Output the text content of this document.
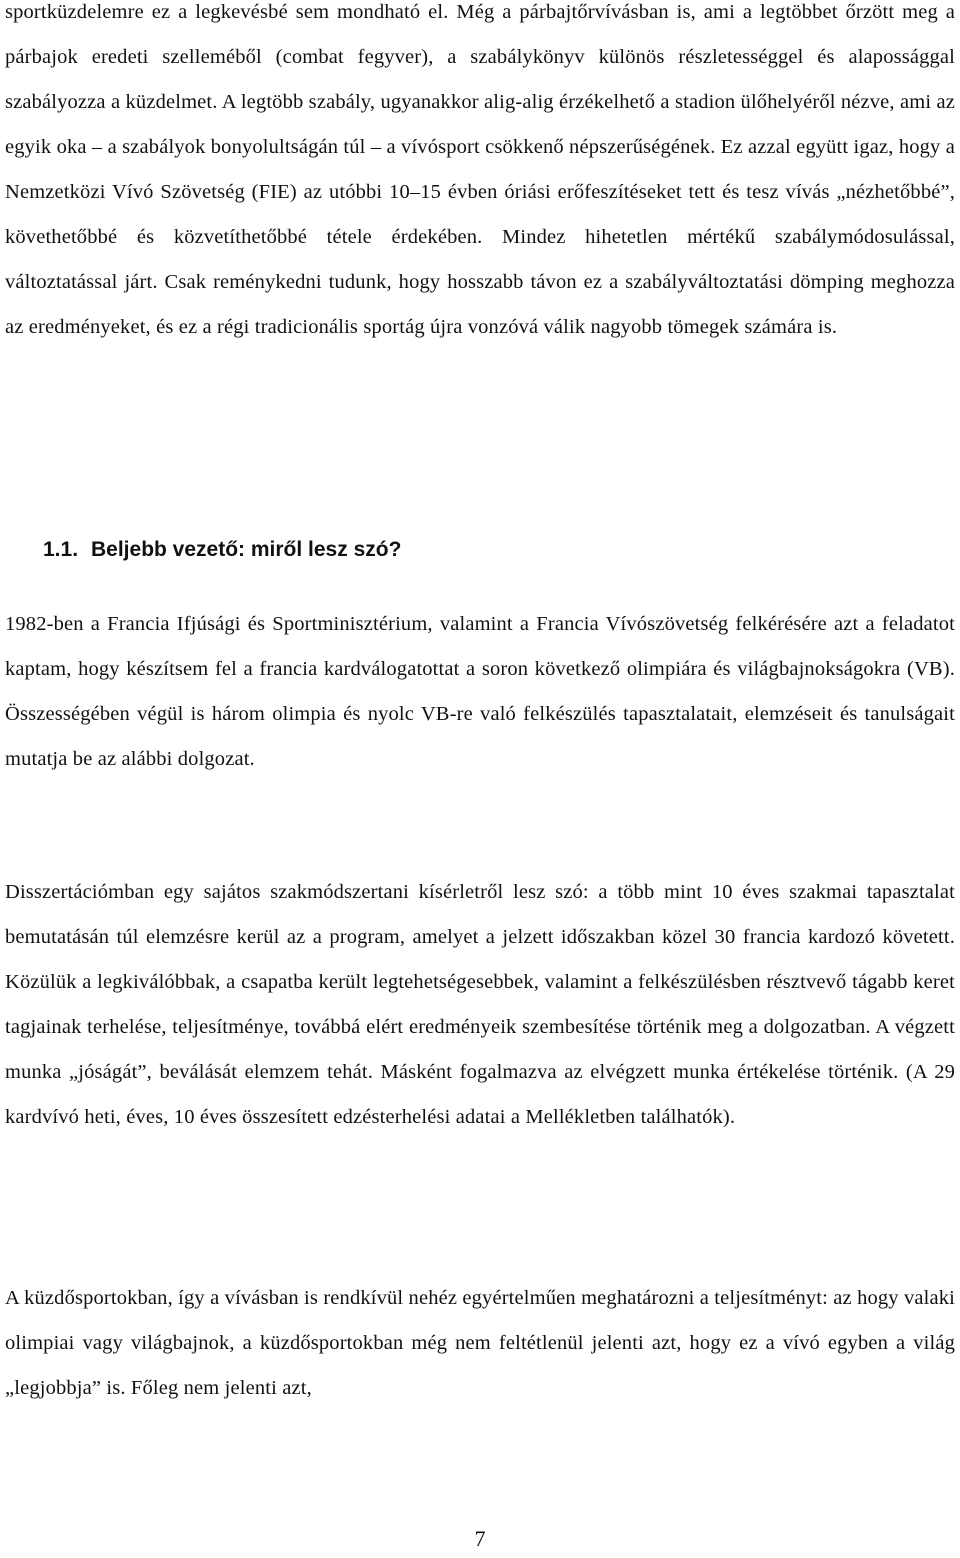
sportküzdelemre ez a legkevésbé sem mondható el. Még a párbajtőrvívásban is, ami a legtöbbet őrzött meg a párbajok eredeti szelleméből (combat fegyver), a szabálykönyv különös részletességgel és alapossággal szabályozza a küzdelmet. A legtöbb szabály, ugyanakkor alig-alig érzékelhető a stadion ülőhelyéről nézve, ami az egyik oka – a szabályok bonyolultságán túl – a vívósport csökkenő népszerűségének. Ez azzal együtt igaz, hogy a Nemzetközi Vívó Szövetség (FIE) az utóbbi 10–15 évben óriási erőfeszítéseket tett és tesz vívás „nézhetőbbé”, követhetőbbé és közvetíthetőbbé tétele érdekében. Mindez hihetetlen mértékű szabálymódosulással, változtatással járt. Csak reménykedni tudunk, hogy hosszabb távon ez a szabályváltoztatási dömping meghozza az eredményeket, és ez a régi tradicionális sportág újra vonzóvá válik nagyobb tömegek számára is.

1.1. Beljebb vezető: miről lesz szó?

1982-ben a Francia Ifjúsági és Sportminisztérium, valamint a Francia Vívószövetség felkérésére azt a feladatot kaptam, hogy készítsem fel a francia kardválogatottat a soron következő olimpiára és világbajnokságokra (VB). Összességében végül is három olimpia és nyolc VB-re való felkészülés tapasztalatait, elemzéseit és tanulságait mutatja be az alábbi dolgozat.

Disszertációmban egy sajátos szakmódszertani kísérletről lesz szó: a több mint 10 éves szakmai tapasztalat bemutatásán túl elemzésre kerül az a program, amelyet a jelzett időszakban közel 30 francia kardozó követett. Közülük a legkiválóbbak, a csapatba került legtehetségesebbek, valamint a felkészülésben résztvevő tágabb keret tagjainak terhelése, teljesítménye, továbbá elért eredményeik szembesítése történik meg a dolgozatban. A végzett munka „jóságát”, beválását elemzem tehát. Másként fogalmazva az elvégzett munka értékelése történik. (A 29 kardvívó heti, éves, 10 éves összesített edzésterhelési adatai a Mellékletben találhatók).

A küzdősportokban, így a vívásban is rendkívül nehéz egyértelműen meghatározni a teljesítményt: az hogy valaki olimpiai vagy világbajnok, a küzdősportokban még nem feltétlenül jelenti azt, hogy ez a vívó egyben a világ „legjobbja” is. Főleg nem jelenti azt,

7
